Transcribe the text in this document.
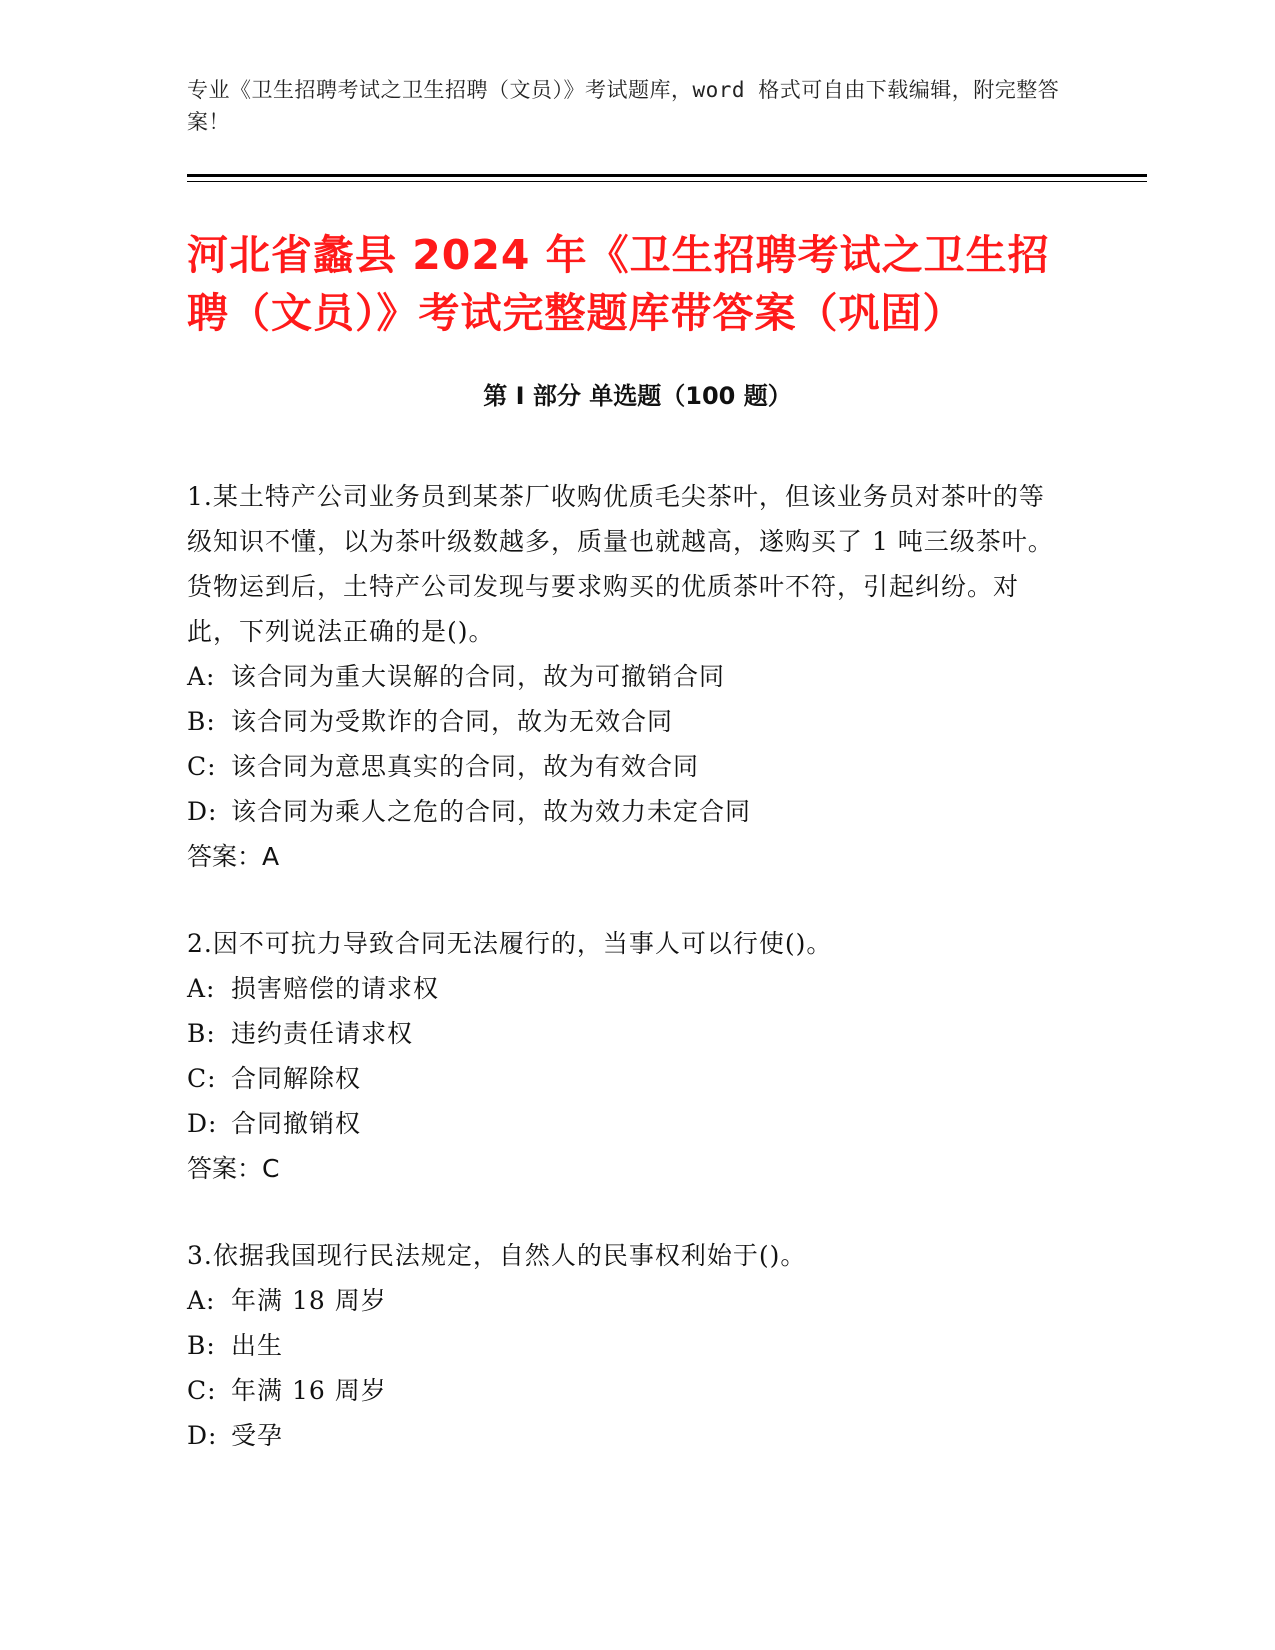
专业《卫生招聘考试之卫生招聘（文员）》考试题库，word 格式可自由下载编辑，附完整答案！
河北省蠡县 2024 年《卫生招聘考试之卫生招聘（文员）》考试完整题库带答案（巩固）
第 I 部分 单选题（100 题）

1.某土特产公司业务员到某茶厂收购优质毛尖茶叶，但该业务员对茶叶的等级知识不懂，以为茶叶级数越多，质量也就越高，遂购买了 1 吨三级茶叶。货物运到后，土特产公司发现与要求购买的优质茶叶不符，引起纠纷。对此，下列说法正确的是()。

A: 该合同为重大误解的合同，故为可撤销合同

B: 该合同为受欺诈的合同，故为无效合同

C: 该合同为意思真实的合同，故为有效合同

D: 该合同为乘人之危的合同，故为效力未定合同

答案：A

2.因不可抗力导致合同无法履行的，当事人可以行使()。

A: 损害赔偿的请求权

B: 违约责任请求权

C: 合同解除权

D: 合同撤销权

答案：C

3.依据我国现行民法规定，自然人的民事权利始于()。

A: 年满 18 周岁

B: 出生

C: 年满 16 周岁

D: 受孕
